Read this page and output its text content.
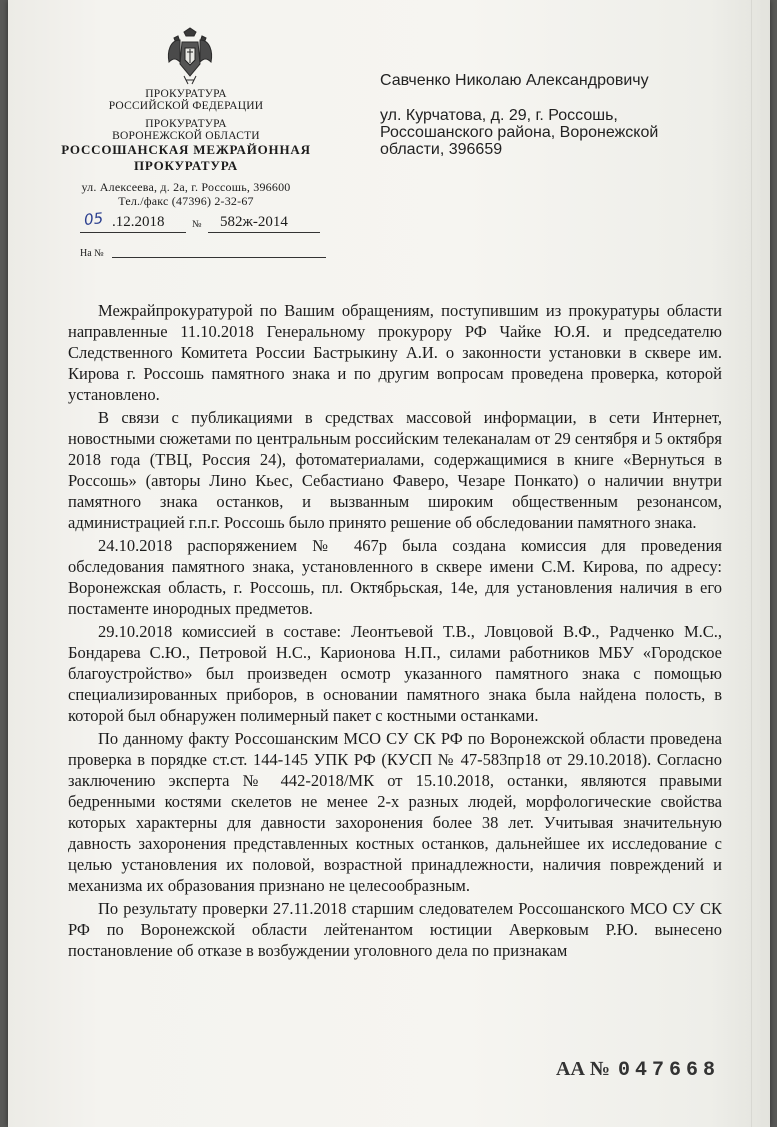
ПРОКУРАТУРА
РОССИЙСКОЙ ФЕДЕРАЦИИ
ПРОКУРАТУРА
ВОРОНЕЖСКОЙ ОБЛАСТИ
РОССОШАНСКАЯ МЕЖРАЙОННАЯ
ПРОКУРАТУРА
ул. Алексеева, д. 2а, г. Россошь, 396600
Тел./факс (47396) 2-32-67
05 .12.2018	№ 582ж-2014
На №
Савченко Николаю Александровичу
ул. Курчатова, д. 29, г. Россошь,
Россошанского района, Воронежской
области, 396659

Межрайпрокуратурой по Вашим обращениям, поступившим из прокуратуры области направленные 11.10.2018 Генеральному прокурору РФ Чайке Ю.Я. и председателю Следственного Комитета России Бастрыкину А.И. о законности установки в сквере им. Кирова г. Россошь памятного знака и по другим вопросам проведена проверка, которой установлено.

В связи с публикациями в средствах массовой информации, в сети Интернет, новостными сюжетами по центральным российским телеканалам от 29 сентября и 5 октября 2018 года (ТВЦ, Россия 24), фотоматериалами, содержащимися в книге «Вернуться в Россошь» (авторы Лино Кьес, Себастиано Фаверо, Чезаре Понкато) о наличии внутри памятного знака останков, и вызванным широким общественным резонансом, администрацией г.п.г. Россошь было принято решение об обследовании памятного знака.

24.10.2018 распоряжением № 467р была создана комиссия для проведения обследования памятного знака, установленного в сквере имени С.М. Кирова, по адресу: Воронежская область, г. Россошь, пл. Октябрьская, 14е, для установления наличия в его постаменте инородных предметов.

29.10.2018 комиссией в составе: Леонтьевой Т.В., Ловцовой В.Ф., Радченко М.С., Бондарева С.Ю., Петровой Н.С., Карионова Н.П., силами работников МБУ «Городское благоустройство» был произведен осмотр указанного памятного знака с помощью специализированных приборов, в основании памятного знака была найдена полость, в которой был обнаружен полимерный пакет с костными останками.

По данному факту Россошанским МСО СУ СК РФ по Воронежской области проведена проверка в порядке ст.ст. 144-145 УПК РФ (КУСП № 47-583пр18 от 29.10.2018). Согласно заключению эксперта № 442-2018/МК от 15.10.2018, останки, являются правыми бедренными костями скелетов не менее 2-х разных людей, морфологические свойства которых характерны для давности захоронения более 38 лет. Учитывая значительную давность захоронения представленных костных останков, дальнейшее их исследование с целью установления их половой, возрастной принадлежности, наличия повреждений и механизма их образования признано не целесообразным.

По результату проверки 27.11.2018 старшим следователем Россошанского МСО СУ СК РФ по Воронежской области лейтенантом юстиции Аверковым Р.Ю. вынесено постановление об отказе в возбуждении уголовного дела по признакам

АА № 047668
